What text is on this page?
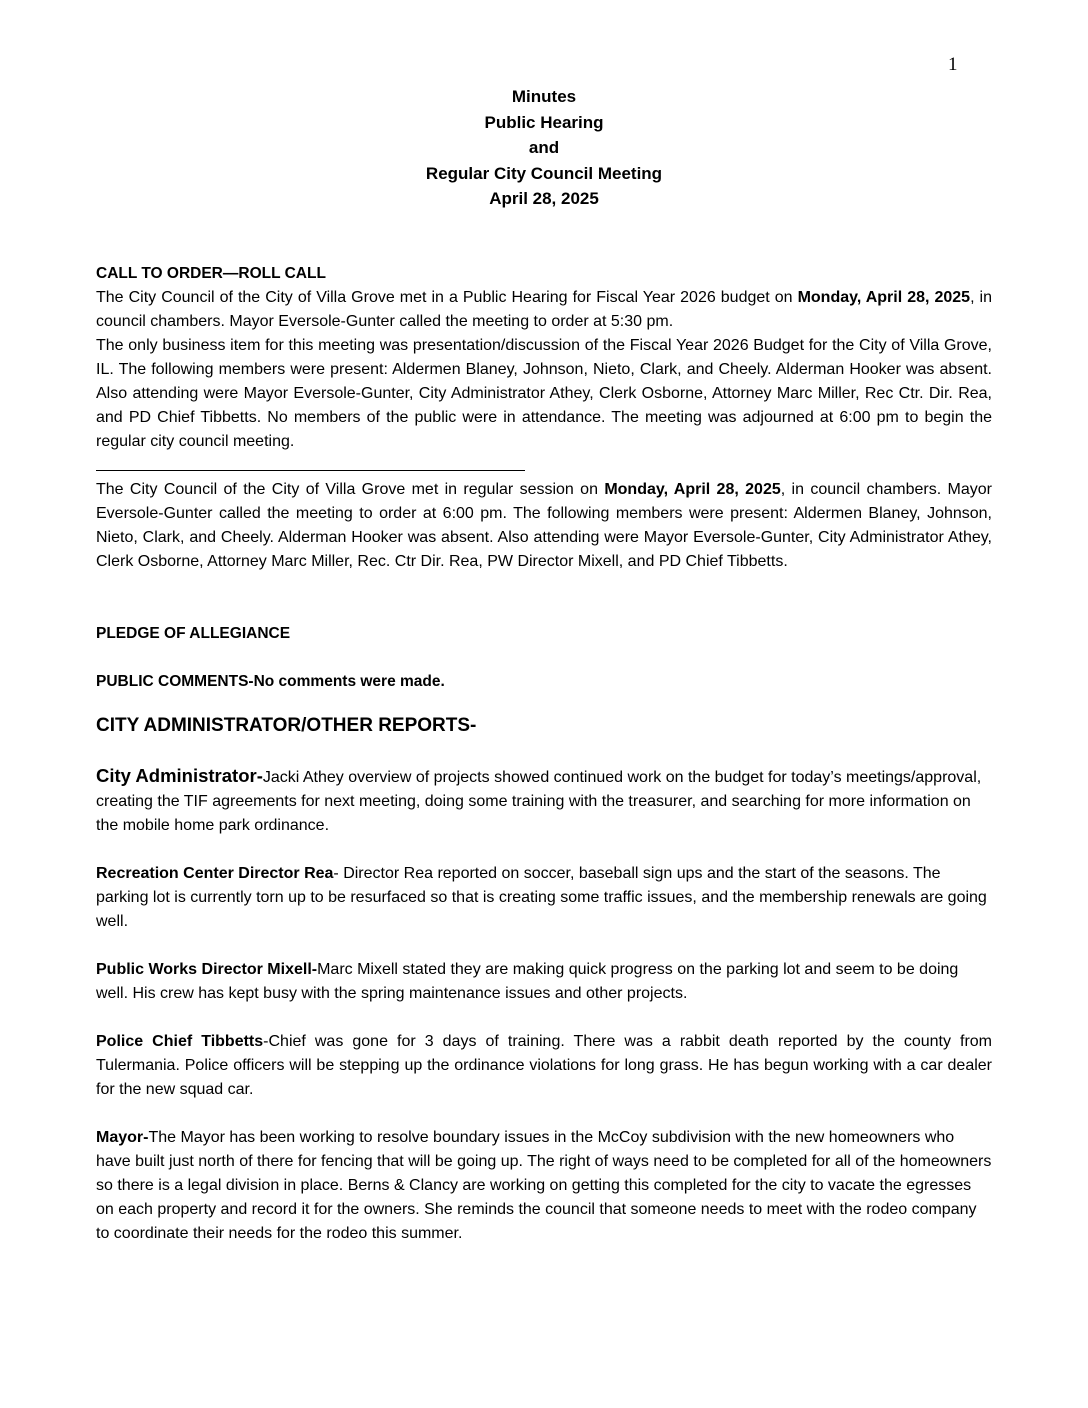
1
Minutes
Public Hearing
and
Regular City Council Meeting
April 28, 2025
CALL TO ORDER—ROLL CALL
The City Council of the City of Villa Grove met in a Public Hearing for Fiscal Year 2026 budget on Monday, April 28, 2025, in council chambers. Mayor Eversole-Gunter called the meeting to order at 5:30 pm.
The only business item for this meeting was presentation/discussion of the Fiscal Year 2026 Budget for the City of Villa Grove, IL. The following members were present: Aldermen Blaney, Johnson, Nieto, Clark, and Cheely. Alderman Hooker was absent. Also attending were Mayor Eversole-Gunter, City Administrator Athey, Clerk Osborne, Attorney Marc Miller, Rec Ctr. Dir. Rea, and PD Chief Tibbetts. No members of the public were in attendance. The meeting was adjourned at 6:00 pm to begin the regular city council meeting.
The City Council of the City of Villa Grove met in regular session on Monday, April 28, 2025, in council chambers. Mayor Eversole-Gunter called the meeting to order at 6:00 pm. The following members were present: Aldermen Blaney, Johnson, Nieto, Clark, and Cheely. Alderman Hooker was absent. Also attending were Mayor Eversole-Gunter, City Administrator Athey, Clerk Osborne, Attorney Marc Miller, Rec. Ctr Dir. Rea, PW Director Mixell, and PD Chief Tibbetts.
PLEDGE OF ALLEGIANCE
PUBLIC COMMENTS-No comments were made.
CITY ADMINISTRATOR/OTHER REPORTS-
City Administrator-Jacki Athey overview of projects showed continued work on the budget for today’s meetings/approval, creating the TIF agreements for next meeting, doing some training with the treasurer, and searching for more information on the mobile home park ordinance.
Recreation Center Director Rea- Director Rea reported on soccer, baseball sign ups and the start of the seasons. The parking lot is currently torn up to be resurfaced so that is creating some traffic issues, and the membership renewals are going well.
Public Works Director Mixell-Marc Mixell stated they are making quick progress on the parking lot and seem to be doing well. His crew has kept busy with the spring maintenance issues and other projects.
Police Chief Tibbetts-Chief was gone for 3 days of training. There was a rabbit death reported by the county from Tulermania. Police officers will be stepping up the ordinance violations for long grass. He has begun working with a car dealer for the new squad car.
Mayor-The Mayor has been working to resolve boundary issues in the McCoy subdivision with the new homeowners who have built just north of there for fencing that will be going up. The right of ways need to be completed for all of the homeowners so there is a legal division in place. Berns & Clancy are working on getting this completed for the city to vacate the egresses on each property and record it for the owners. She reminds the council that someone needs to meet with the rodeo company to coordinate their needs for the rodeo this summer.
